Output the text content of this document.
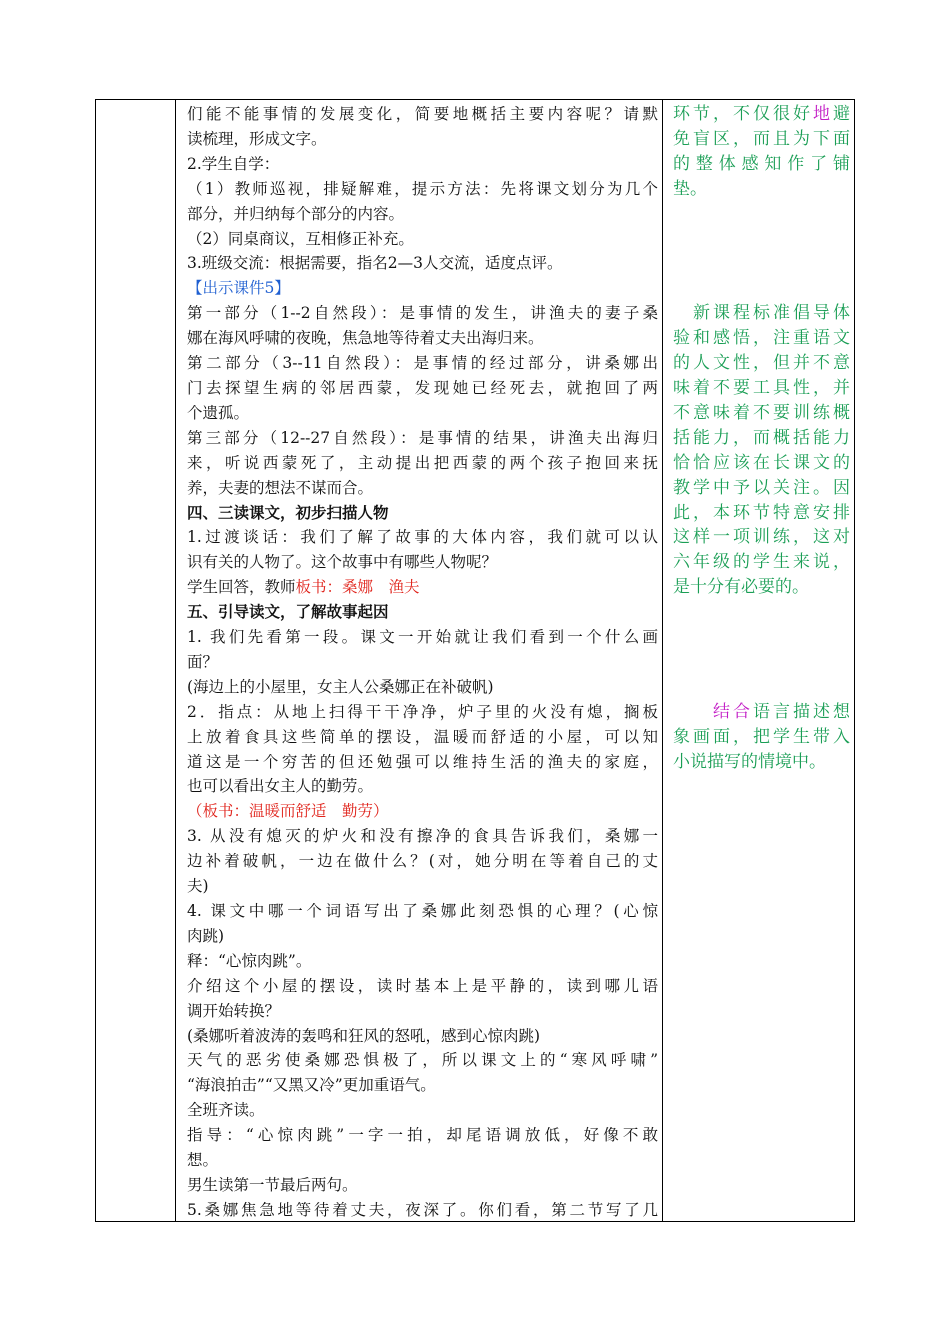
们能不能事情的发展变化，简要地概括主要内容呢？请默
读梳理，形成文字。
2.学生自学：
（1）教师巡视，排疑解难，提示方法：先将课文划分为几个
部分，并归纳每个部分的内容。
（2）同桌商议，互相修正补充。
3.班级交流：根据需要，指名2—3人交流，适度点评。
【出示课件5】
第一部分（1--2自然段）：是事情的发生，讲渔夫的妻子桑
娜在海风呼啸的夜晚，焦急地等待着丈夫出海归来。
第二部分（3--11自然段）：是事情的经过部分，讲桑娜出
门去探望生病的邻居西蒙，发现她已经死去，就抱回了两
个遗孤。
第三部分（12--27自然段）：是事情的结果，讲渔夫出海归
来，听说西蒙死了，主动提出把西蒙的两个孩子抱回来抚
养，夫妻的想法不谋而合。
四、三读课文，初步扫描人物
1.过渡谈话：我们了解了故事的大体内容，我们就可以认
识有关的人物了。这个故事中有哪些人物呢？
学生回答，教师板书：桑娜　渔夫
五、引导读文，了解故事起因
1. 我们先看第一段。课文一开始就让我们看到一个什么画
面？
(海边上的小屋里，女主人公桑娜正在补破帆)
2．指点：从地上扫得干干净净，炉子里的火没有熄，搁板
上放着食具这些简单的摆设，温暖而舒适的小屋，可以知
道这是一个穷苦的但还勉强可以维持生活的渔夫的家庭，
也可以看出女主人的勤劳。
（板书：温暖而舒适　勤劳）
3. 从没有熄灭的炉火和没有擦净的食具告诉我们，桑娜一
边补着破帆，一边在做什么？(对，她分明在等着自己的丈
夫)
4. 课文中哪一个词语写出了桑娜此刻恐惧的心理？(心惊
肉跳)
释：“心惊肉跳”。
介绍这个小屋的摆设，读时基本上是平静的，读到哪儿语
调开始转换？
(桑娜听着波涛的轰鸣和狂风的怒吼，感到心惊肉跳)
天气的恶劣使桑娜恐惧极了，所以课文上的“寒风呼啸”
“海浪拍击”“又黑又冷”更加重语气。
全班齐读。
指导：“心惊肉跳”一字一拍，却尾语调放低，好像不敢
想。
男生读第一节最后两句。
5.桑娜焦急地等待着丈夫，夜深了。你们看，第二节写了几
环节，不仅很好地避
免盲区，而且为下面
的整体感知作了铺
垫。

　新课程标准倡导体
验和感悟，注重语文
的人文性，但并不意
味着不要工具性，并
不意味着不要训练概
括能力，而概括能力
恰恰应该在长课文的
教学中予以关注。因
此，本环节特意安排
这样一项训练，这对
六年级的学生来说，
是十分有必要的。

　　结合语言描述想
象画面，把学生带入
小说描写的情境中。
